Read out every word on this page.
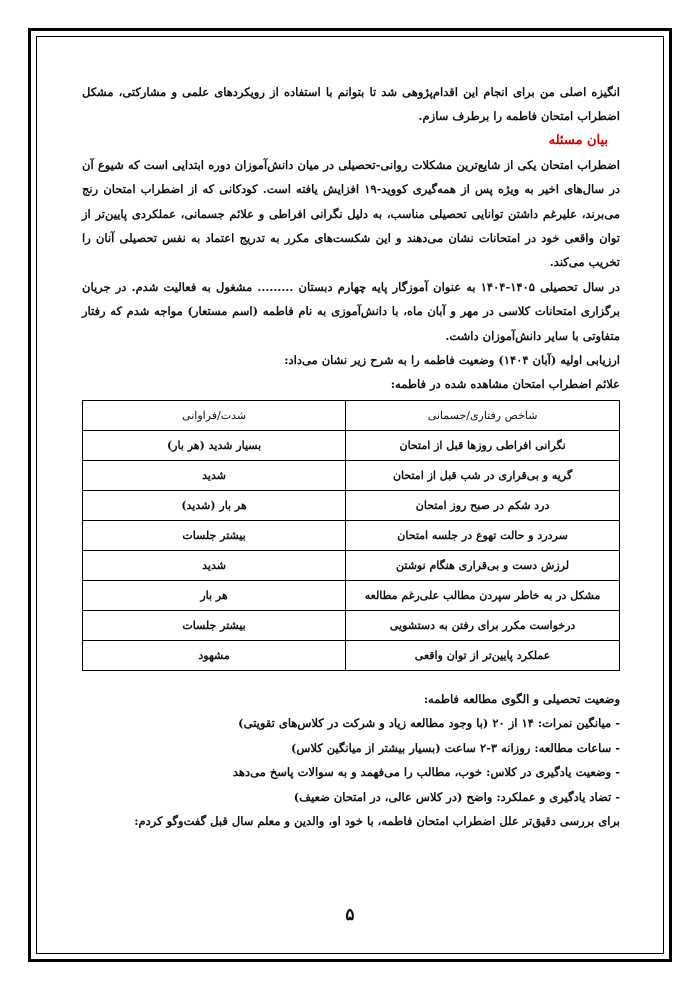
انگیزه اصلی من برای انجام این اقدام‌پژوهی شد تا بتوانم با استفاده از رویکردهای علمی و مشارکتی، مشکل اضطراب امتحان فاطمه را برطرف سازم.

بیان مسئله

اضطراب امتحان یکی از شایع‌ترین مشکلات روانی-تحصیلی در میان دانش‌آموزان دوره ابتدایی است که شیوع آن در سال‌های اخیر به ویژه پس از همه‌گیری کووید-۱۹ افزایش یافته است. کودکانی که از اضطراب امتحان رنج می‌برند، علیرغم داشتن توانایی تحصیلی مناسب، به دلیل نگرانی افراطی و علائم جسمانی، عملکردی پایین‌تر از توان واقعی خود در امتحانات نشان می‌دهند و این شکست‌های مکرر به تدریج اعتماد به نفس تحصیلی آنان را تخریب می‌کند.

در سال تحصیلی ۱۴۰۵-۱۴۰۴ به عنوان آموزگار پایه چهارم دبستان ......... مشغول به فعالیت شدم. در جریان برگزاری امتحانات کلاسی در مهر و آبان ماه، با دانش‌آموزی به نام فاطمه (اسم مستعار) مواجه شدم که رفتار متفاوتی با سایر دانش‌آموزان داشت.

ارزیابی اولیه (آبان ۱۴۰۴) وضعیت فاطمه را به شرح زیر نشان می‌داد:

علائم اضطراب امتحان مشاهده شده در فاطمه:

شاخص رفتاری/جسمانی	شدت/فراوانی
نگرانی افراطی روزها قبل از امتحان	بسیار شدید (هر بار)
گریه و بی‌قراری در شب قبل از امتحان	شدید
درد شکم در صبح روز امتحان	هر بار (شدید)
سردرد و حالت تهوع در جلسه امتحان	بیشتر جلسات
لرزش دست و بی‌قراری هنگام نوشتن	شدید
مشکل در به خاطر سپردن مطالب علی‌رغم مطالعه	هر بار
درخواست مکرر برای رفتن به دستشویی	بیشتر جلسات
عملکرد پایین‌تر از توان واقعی	مشهود

وضعیت تحصیلی و الگوی مطالعه فاطمه:

- میانگین نمرات: ۱۴ از ۲۰ (با وجود مطالعه زیاد و شرکت در کلاس‌های تقویتی)

- ساعات مطالعه: روزانه ۳-۲ ساعت (بسیار بیشتر از میانگین کلاس)

- وضعیت یادگیری در کلاس: خوب، مطالب را می‌فهمد و به سوالات پاسخ می‌دهد

- تضاد یادگیری و عملکرد: واضح (در کلاس عالی، در امتحان ضعیف)

برای بررسی دقیق‌تر علل اضطراب امتحان فاطمه، با خود او، والدین و معلم سال قبل گفت‌وگو کردم:

۵
